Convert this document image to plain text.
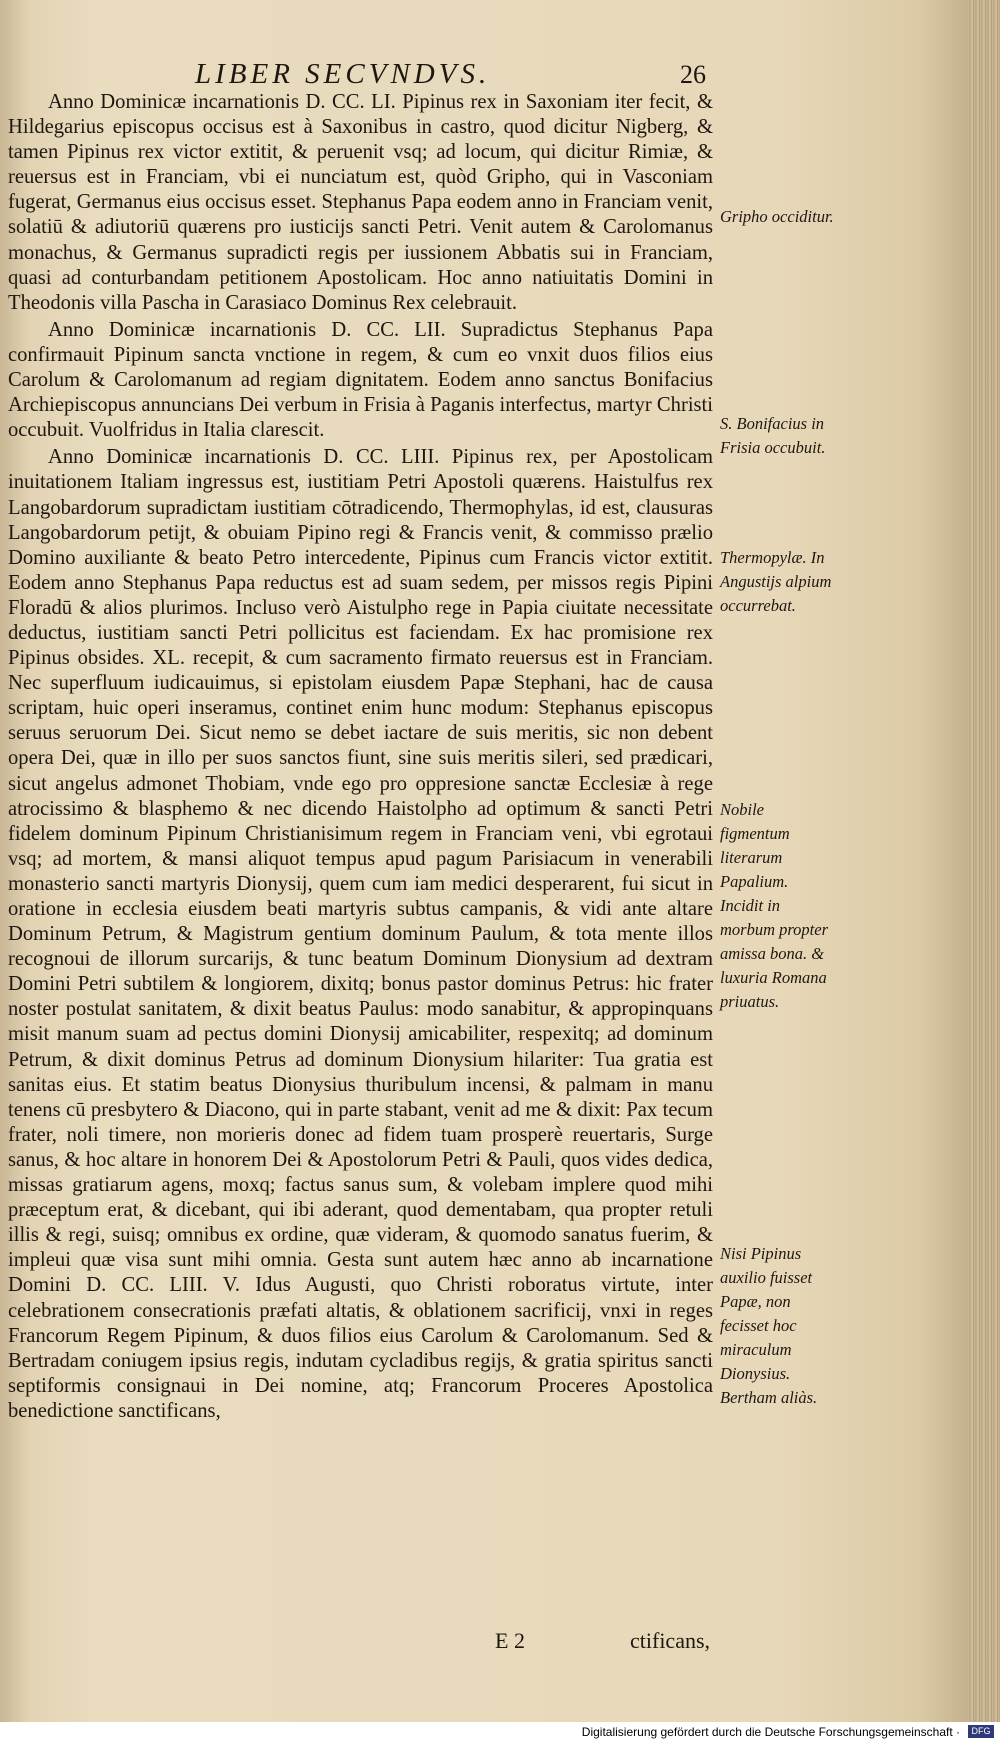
LIBER SECVNDVS.	26

Anno Dominicæ incarnationis D. CC. LI. Pipinus rex in Saxoniam iter fecit, & Hildegarius episcopus occisus est à Saxonibus in castro, quod dicitur Nigberg, & tamen Pipinus rex victor extitit, & peruenit vsq; ad locum, qui dicitur Rimiæ, & reuersus est in Franciam, vbi ei nunciatum est, quòd Gripho, qui in Vasconiam fugerat, Germanus eius occisus esset. Stephanus Papa eodem anno in Franciam venit, solatiū & adiutoriū quærens pro iusticijs sancti Petri. Venit autem & Carolomanus monachus, & Germanus supradicti regis per iussionem Abbatis sui in Franciam, quasi ad conturbandam petitionem Apostolicam. Hoc anno natiuitatis Domini in Theodonis villa Pascha in Carasiaco Dominus Rex celebrauit.

Anno Dominicæ incarnationis D. CC. LII. Supradictus Stephanus Papa confirmauit Pipinum sancta vnctione in regem, & cum eo vnxit duos filios eius Carolum & Carolomanum ad regiam dignitatem. Eodem anno sanctus Bonifacius Archiepiscopus annuncians Dei verbum in Frisia à Paganis interfectus, martyr Christi occubuit. Vuolfridus in Italia clarescit.

Anno Dominicæ incarnationis D. CC. LIII. Pipinus rex, per Apostolicam inuitationem Italiam ingressus est, iustitiam Petri Apostoli quærens. Haistulfus rex Langobardorum supradictam iustitiam cōtradicendo, Thermophylas, id est, clausuras Langobardorum petijt, & obuiam Pipino regi & Francis venit, & commisso prælio Domino auxiliante & beato Petro intercedente, Pipinus cum Francis victor extitit. Eodem anno Stephanus Papa reductus est ad suam sedem, per missos regis Pipini Floradū & alios plurimos. Incluso verò Aistulpho rege in Papia ciuitate necessitate deductus, iustitiam sancti Petri pollicitus est faciendam. Ex hac promisione rex Pipinus obsides. XL. recepit, & cum sacramento firmato reuersus est in Franciam. Nec superfluum iudicauimus, si epistolam eiusdem Papæ Stephani, hac de causa scriptam, huic operi inseramus, continet enim hunc modum: Stephanus episcopus seruus seruorum Dei. Sicut nemo se debet iactare de suis meritis, sic non debent opera Dei, quæ in illo per suos sanctos fiunt, sine suis meritis sileri, sed prædicari, sicut angelus admonet Thobiam, vnde ego pro oppresione sanctæ Ecclesiæ à rege atrocissimo & blasphemo & nec dicendo Haistolpho ad optimum & sancti Petri fidelem dominum Pipinum Christianisimum regem in Franciam veni, vbi egrotaui vsq; ad mortem, & mansi aliquot tempus apud pagum Parisiacum in venerabili monasterio sancti martyris Dionysij, quem cum iam medici desperarent, fui sicut in oratione in ecclesia eiusdem beati martyris subtus campanis, & vidi ante altare Dominum Petrum, & Magistrum gentium dominum Paulum, & tota mente illos recognoui de illorum surcarijs, & tunc beatum Dominum Dionysium ad dextram Domini Petri subtilem & longiorem, dixitq; bonus pastor dominus Petrus: hic frater noster postulat sanitatem, & dixit beatus Paulus: modo sanabitur, & appropinquans misit manum suam ad pectus domini Dionysij amicabiliter, respexitq; ad dominum Petrum, & dixit dominus Petrus ad dominum Dionysium hilariter: Tua gratia est sanitas eius. Et statim beatus Dionysius thuribulum incensi, & palmam in manu tenens cū presbytero & Diacono, qui in parte stabant, venit ad me & dixit: Pax tecum frater, noli timere, non morieris donec ad fidem tuam prosperè reuertaris, Surge sanus, & hoc altare in honorem Dei & Apostolorum Petri & Pauli, quos vides dedica, missas gratiarum agens, moxq; factus sanus sum, & volebam implere quod mihi præceptum erat, & dicebant, qui ibi aderant, quod dementabam, qua propter retuli illis & regi, suisq; omnibus ex ordine, quæ videram, & quomodo sanatus fuerim, & impleui quæ visa sunt mihi omnia. Gesta sunt autem hæc anno ab incarnatione Domini D. CC. LIII. V. Idus Augusti, quo Christi roboratus virtute, inter celebrationem consecrationis præfati altatis, & oblationem sacrificij, vnxi in reges Francorum Regem Pipinum, & duos filios eius Carolum & Carolomanum. Sed & Bertradam coniugem ipsius regis, indutam cycladibus regijs, & gratia spiritus sancti septiformis consignaui in Dei nomine, atq; Francorum Proceres Apostolica benedictione sanctificans,

Gripho occiditur.
S. Bonifacius in Frisia occubuit.
Thermopylæ. In Angustijs alpium occurrebat.
Nobile figmentum literarum Papalium. Incidit in morbum propter amissa bona. & luxuria Romana priuatus.
Nisi Pipinus auxilio fuisset Papæ, non fecisset hoc miraculum Dionysius. Bertham aliàs.
E 2	ctificans,
Digitalisierung gefördert durch die Deutsche Forschungsgemeinschaft ·	DFG
